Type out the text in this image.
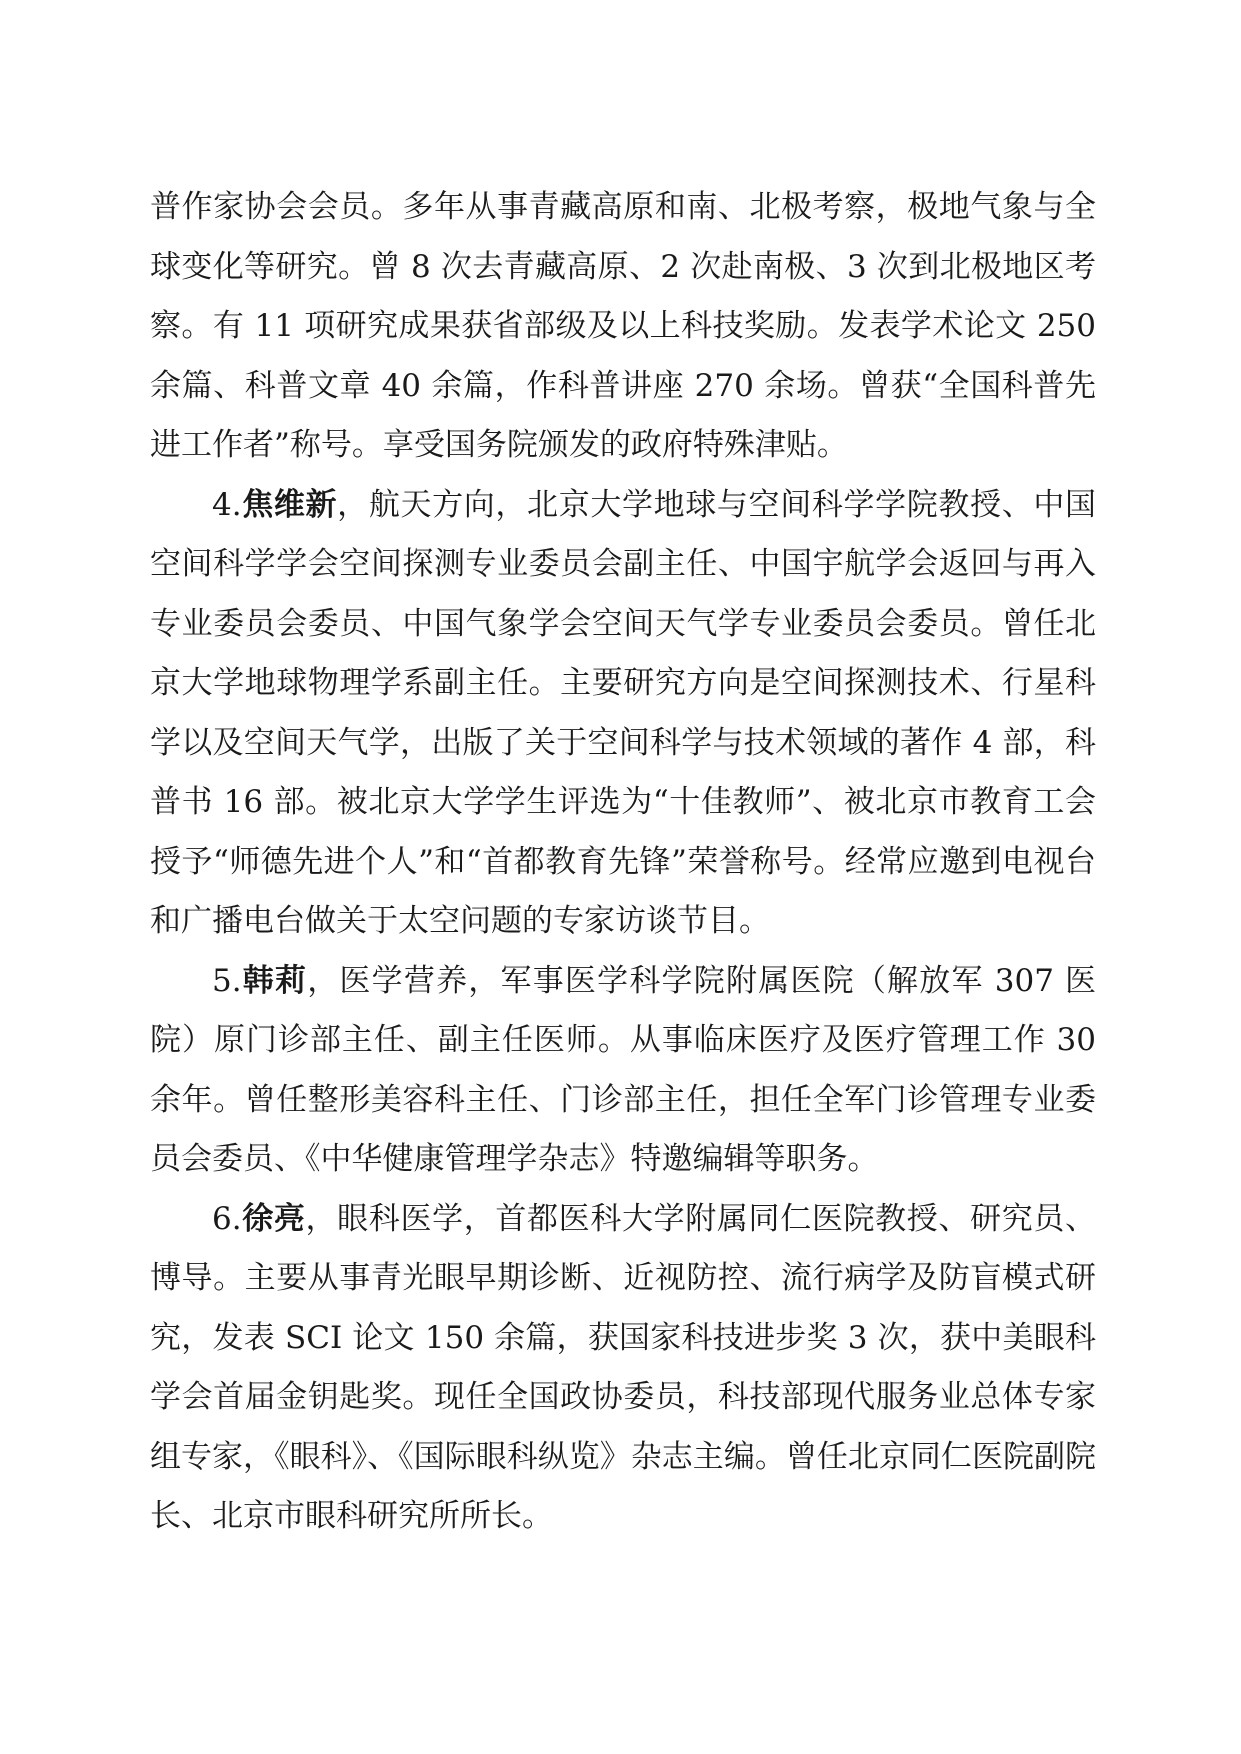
普作家协会会员。多年从事青藏高原和南、北极考察，极地气象与全球变化等研究。曾 8 次去青藏高原、2 次赴南极、3 次到北极地区考察。有 11 项研究成果获省部级及以上科技奖励。发表学术论文 250 余篇、科普文章 40 余篇，作科普讲座 270 余场。曾获“全国科普先进工作者”称号。享受国务院颁发的政府特殊津贴。

4.焦维新，航天方向，北京大学地球与空间科学学院教授、中国空间科学学会空间探测专业委员会副主任、中国宇航学会返回与再入专业委员会委员、中国气象学会空间天气学专业委员会委员。曾任北京大学地球物理学系副主任。主要研究方向是空间探测技术、行星科学以及空间天气学，出版了关于空间科学与技术领域的著作 4 部，科普书 16 部。被北京大学学生评选为“十佳教师”、被北京市教育工会授予“师德先进个人”和“首都教育先锋”荣誉称号。经常应邀到电视台和广播电台做关于太空问题的专家访谈节目。

5.韩莉，医学营养，军事医学科学院附属医院（解放军 307 医院）原门诊部主任、副主任医师。从事临床医疗及医疗管理工作 30 余年。曾任整形美容科主任、门诊部主任，担任全军门诊管理专业委员会委员、《中华健康管理学杂志》特邀编辑等职务。

6.徐亮，眼科医学，首都医科大学附属同仁医院教授、研究员、博导。主要从事青光眼早期诊断、近视防控、流行病学及防盲模式研究，发表 SCI 论文 150 余篇，获国家科技进步奖 3 次，获中美眼科学会首届金钥匙奖。现任全国政协委员，科技部现代服务业总体专家组专家，《眼科》、《国际眼科纵览》杂志主编。曾任北京同仁医院副院长、北京市眼科研究所所长。
